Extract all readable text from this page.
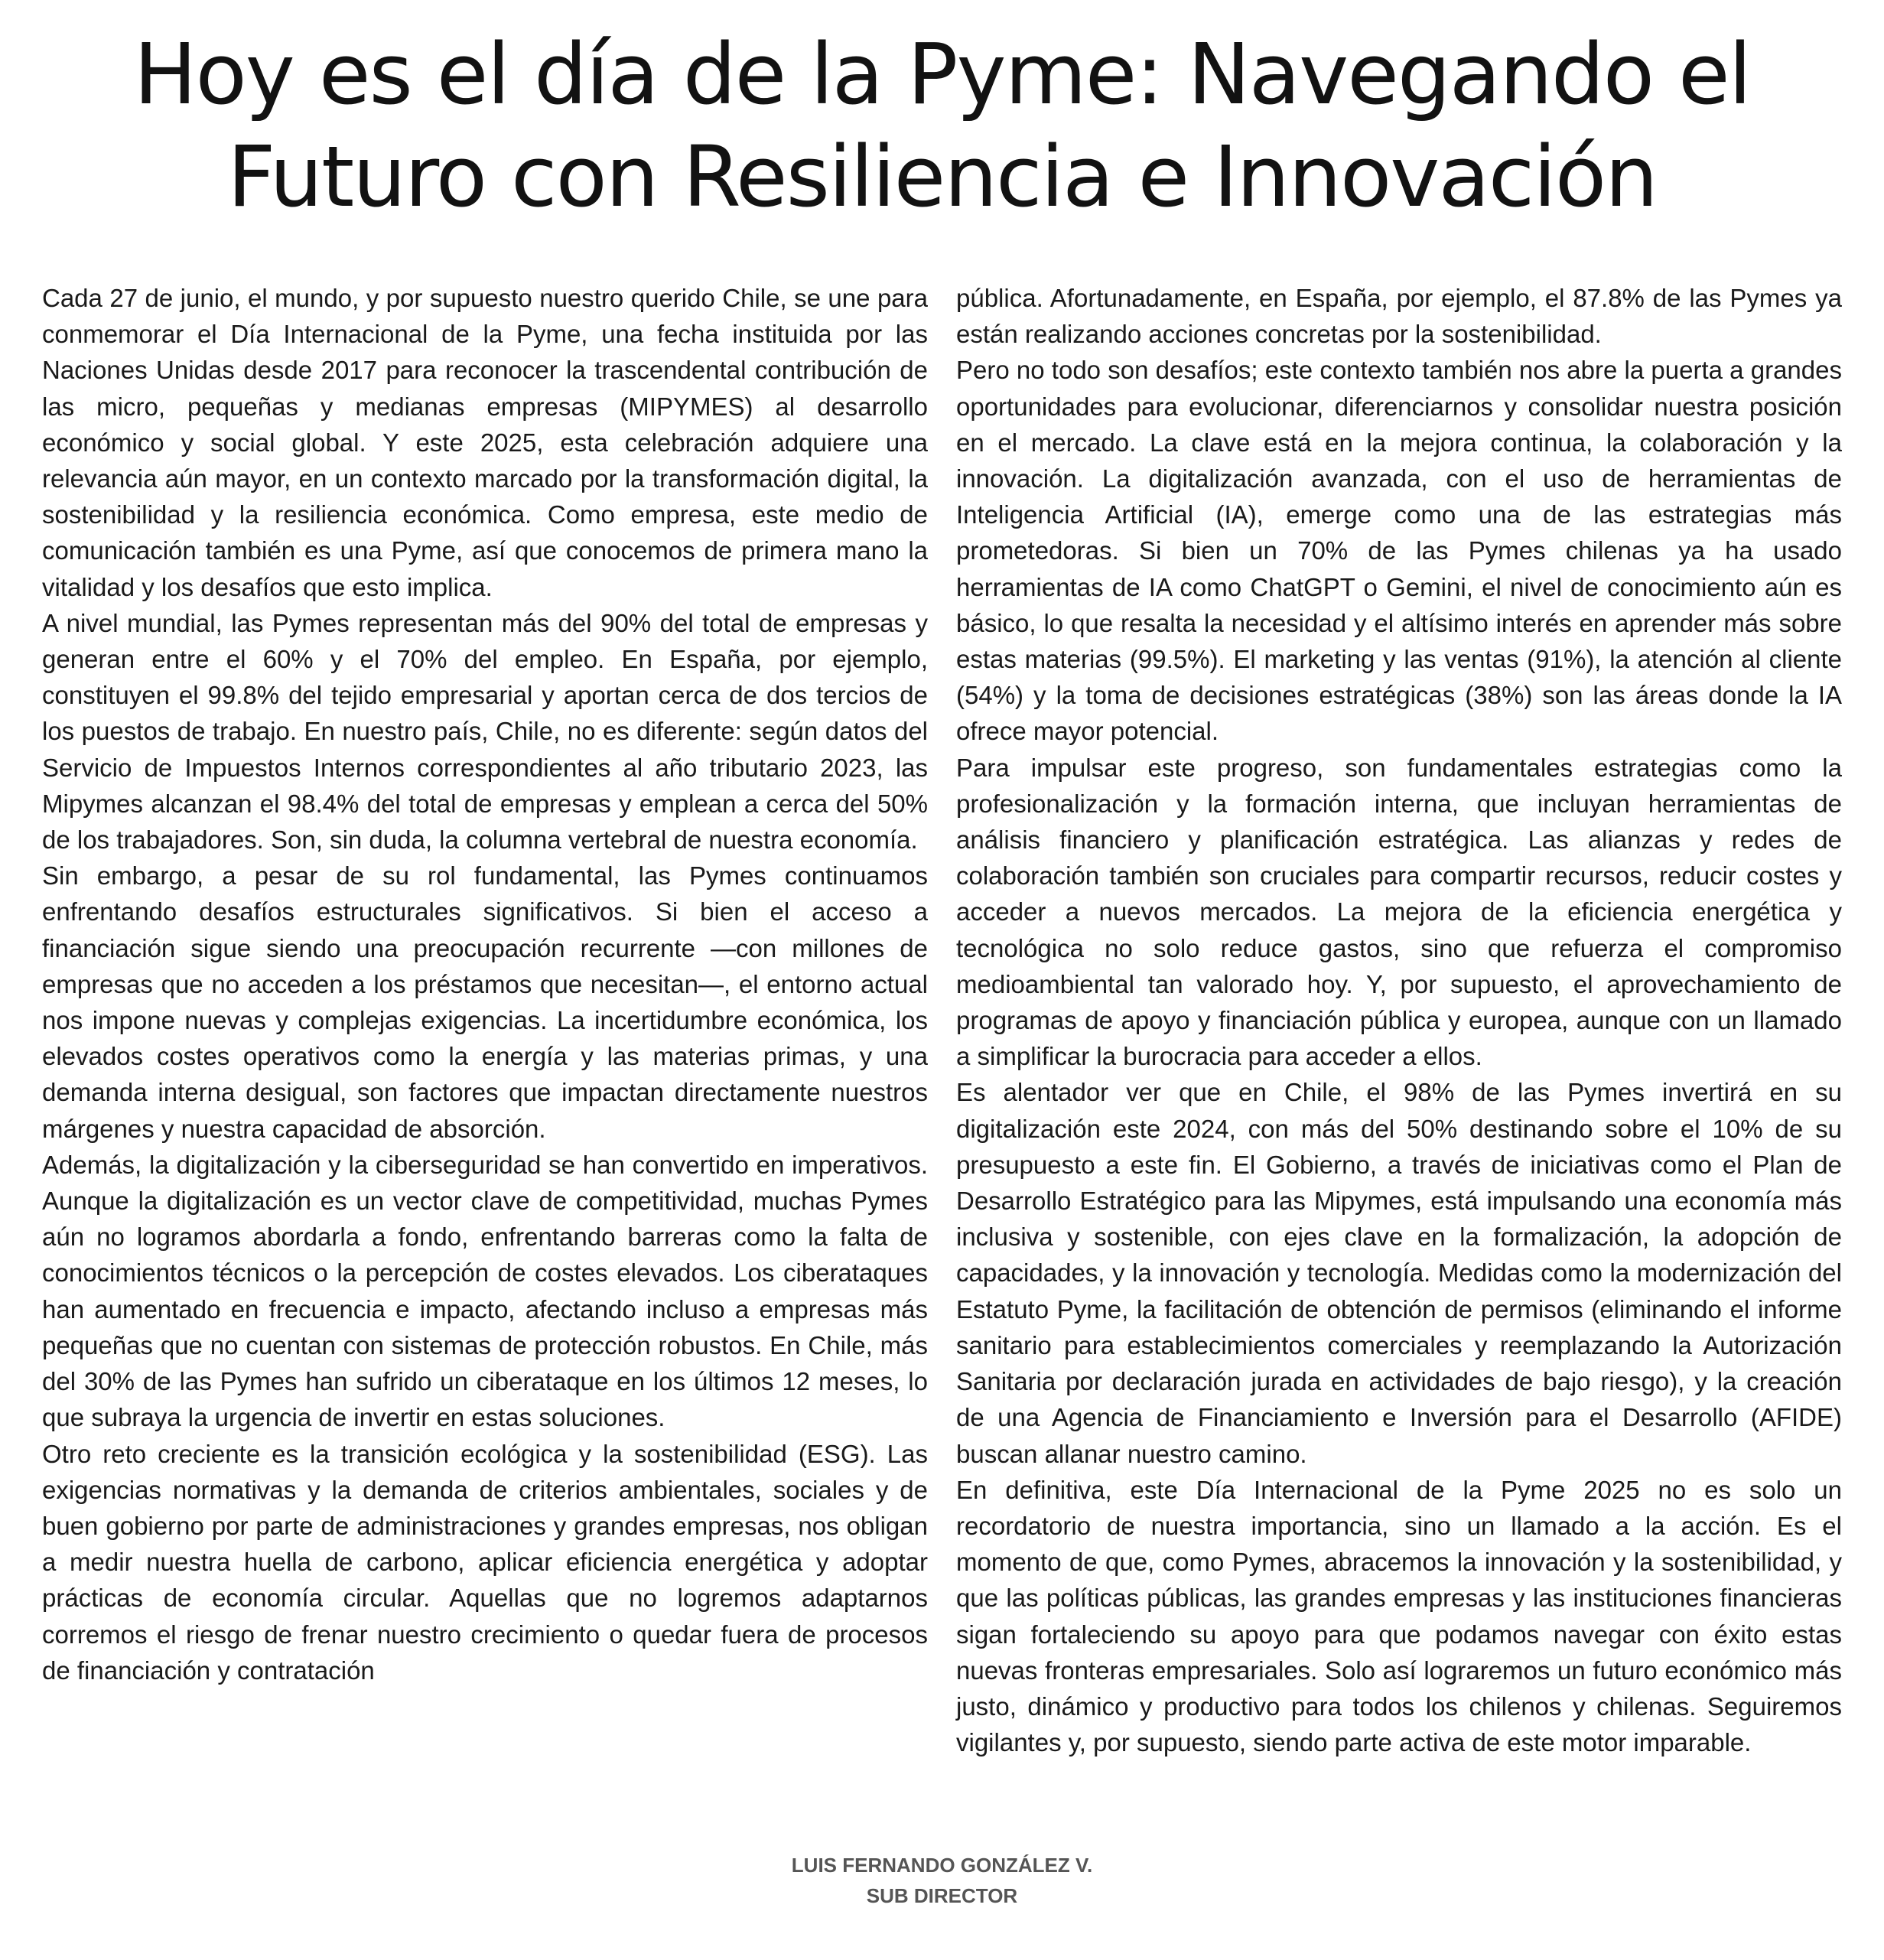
Hoy es el día de la Pyme: Navegando el Futuro con Resiliencia e Innovación

Cada 27 de junio, el mundo, y por supuesto nuestro querido Chile, se une para conmemorar el Día Internacional de la Pyme, una fecha instituida por las Naciones Unidas desde 2017 para reconocer la trascendental contribución de las micro, pequeñas y medianas empresas (MIPYMES) al desarrollo económico y social global. Y este 2025, esta celebración adquiere una relevancia aún mayor, en un contexto marcado por la transformación digital, la sostenibilidad y la resiliencia económica. Como empresa, este medio de comunicación también es una Pyme, así que conocemos de primera mano la vitalidad y los desafíos que esto implica.

A nivel mundial, las Pymes representan más del 90% del total de empresas y generan entre el 60% y el 70% del empleo. En España, por ejemplo, constituyen el 99.8% del tejido empresarial y aportan cerca de dos tercios de los puestos de trabajo. En nuestro país, Chile, no es diferente: según datos del Servicio de Impuestos Internos correspondientes al año tributario 2023, las Mipymes alcanzan el 98.4% del total de empresas y emplean a cerca del 50% de los trabajadores. Son, sin duda, la columna vertebral de nuestra economía.

Sin embargo, a pesar de su rol fundamental, las Pymes continuamos enfrentando desafíos estructurales significativos. Si bien el acceso a financiación sigue siendo una preocupación recurrente —con millones de empresas que no acceden a los préstamos que necesitan—, el entorno actual nos impone nuevas y complejas exigencias. La incertidumbre económica, los elevados costes operativos como la energía y las materias primas, y una demanda interna desigual, son factores que impactan directamente nuestros márgenes y nuestra capacidad de absorción.

Además, la digitalización y la ciberseguridad se han convertido en imperativos. Aunque la digitalización es un vector clave de competitividad, muchas Pymes aún no logramos abordarla a fondo, enfrentando barreras como la falta de conocimientos técnicos o la percepción de costes elevados. Los ciberataques han aumentado en frecuencia e impacto, afectando incluso a empresas más pequeñas que no cuentan con sistemas de protección robustos. En Chile, más del 30% de las Pymes han sufrido un ciberataque en los últimos 12 meses, lo que subraya la urgencia de invertir en estas soluciones.

Otro reto creciente es la transición ecológica y la sostenibilidad (ESG). Las exigencias normativas y la demanda de criterios ambientales, sociales y de buen gobierno por parte de administraciones y grandes empresas, nos obligan a medir nuestra huella de carbono, aplicar eficiencia energética y adoptar prácticas de economía circular. Aquellas que no logremos adaptarnos corremos el riesgo de frenar nuestro crecimiento o quedar fuera de procesos de financiación y contratación

pública. Afortunadamente, en España, por ejemplo, el 87.8% de las Pymes ya están realizando acciones concretas por la sostenibilidad.

Pero no todo son desafíos; este contexto también nos abre la puerta a grandes oportunidades para evolucionar, diferenciarnos y consolidar nuestra posición en el mercado. La clave está en la mejora continua, la colaboración y la innovación. La digitalización avanzada, con el uso de herramientas de Inteligencia Artificial (IA), emerge como una de las estrategias más prometedoras. Si bien un 70% de las Pymes chilenas ya ha usado herramientas de IA como ChatGPT o Gemini, el nivel de conocimiento aún es básico, lo que resalta la necesidad y el altísimo interés en aprender más sobre estas materias (99.5%). El marketing y las ventas (91%), la atención al cliente (54%) y la toma de decisiones estratégicas (38%) son las áreas donde la IA ofrece mayor potencial.

Para impulsar este progreso, son fundamentales estrategias como la profesionalización y la formación interna, que incluyan herramientas de análisis financiero y planificación estratégica. Las alianzas y redes de colaboración también son cruciales para compartir recursos, reducir costes y acceder a nuevos mercados. La mejora de la eficiencia energética y tecnológica no solo reduce gastos, sino que refuerza el compromiso medioambiental tan valorado hoy. Y, por supuesto, el aprovechamiento de programas de apoyo y financiación pública y europea, aunque con un llamado a simplificar la burocracia para acceder a ellos.

Es alentador ver que en Chile, el 98% de las Pymes invertirá en su digitalización este 2024, con más del 50% destinando sobre el 10% de su presupuesto a este fin. El Gobierno, a través de iniciativas como el Plan de Desarrollo Estratégico para las Mipymes, está impulsando una economía más inclusiva y sostenible, con ejes clave en la formalización, la adopción de capacidades, y la innovación y tecnología. Medidas como la modernización del Estatuto Pyme, la facilitación de obtención de permisos (eliminando el informe sanitario para establecimientos comerciales y reemplazando la Autorización Sanitaria por declaración jurada en actividades de bajo riesgo), y la creación de una Agencia de Financiamiento e Inversión para el Desarrollo (AFIDE) buscan allanar nuestro camino.

En definitiva, este Día Internacional de la Pyme 2025 no es solo un recordatorio de nuestra importancia, sino un llamado a la acción. Es el momento de que, como Pymes, abracemos la innovación y la sostenibilidad, y que las políticas públicas, las grandes empresas y las instituciones financieras sigan fortaleciendo su apoyo para que podamos navegar con éxito estas nuevas fronteras empresariales. Solo así lograremos un futuro económico más justo, dinámico y productivo para todos los chilenos y chilenas. Seguiremos vigilantes y, por supuesto, siendo parte activa de este motor imparable.

LUIS FERNANDO GONZÁLEZ V.
SUB DIRECTOR
